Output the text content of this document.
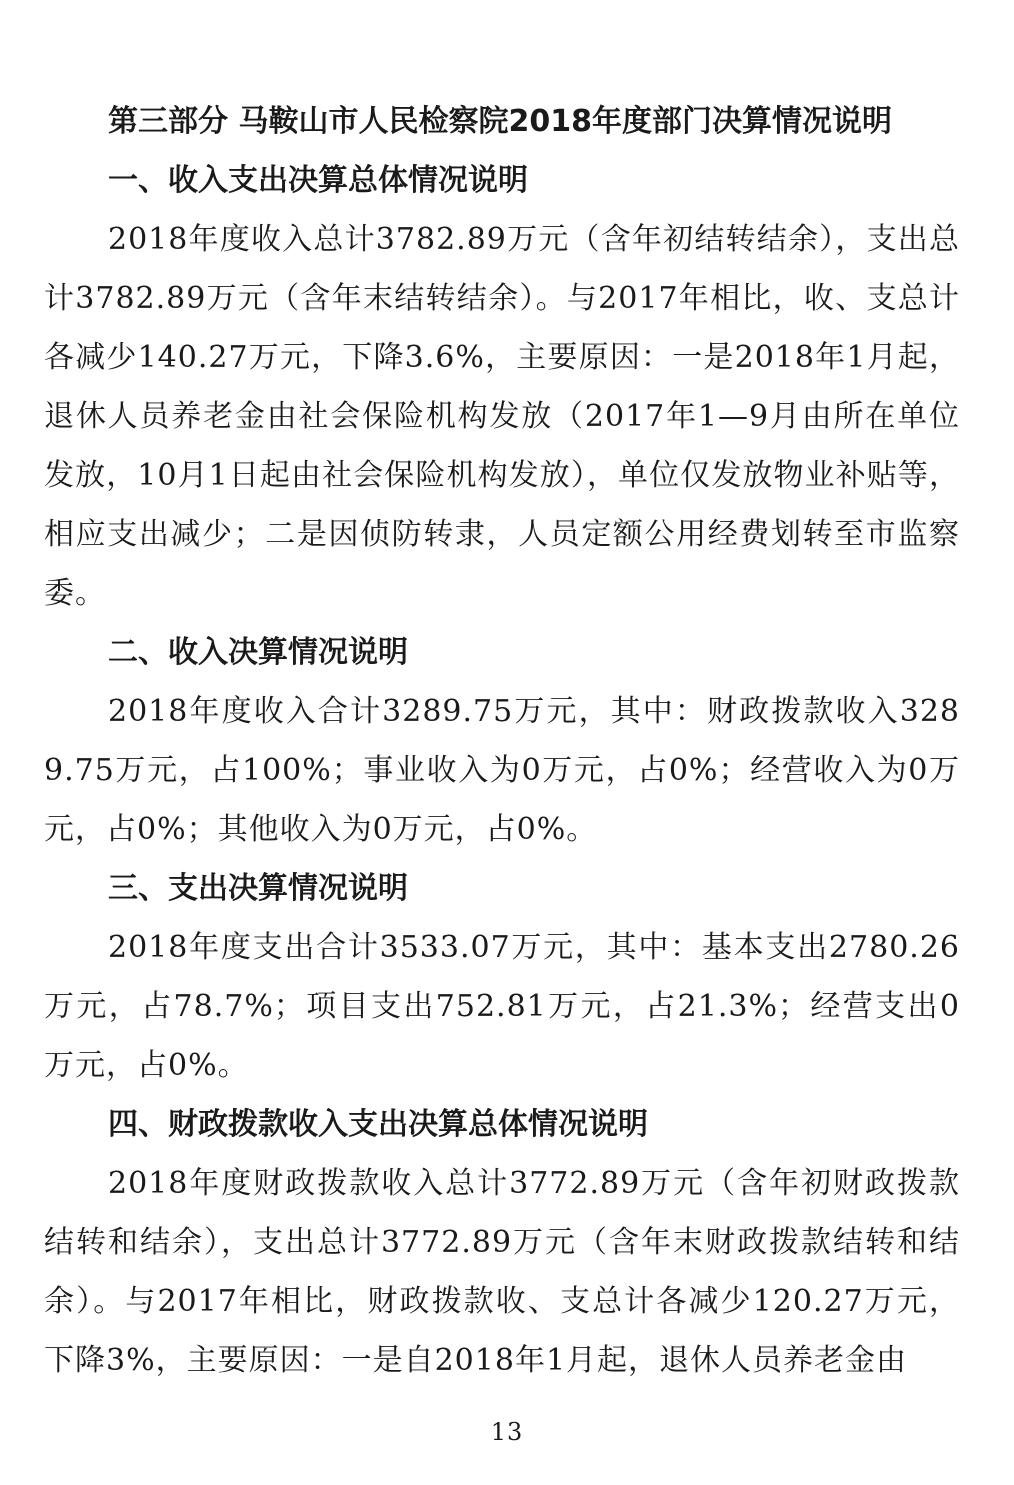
第三部分 马鞍山市人民检察院2018年度部门决算情况说明
一、收入支出决算总体情况说明

2018年度收入总计3782.89万元（含年初结转结余），支出总计3782.89万元（含年末结转结余）。与2017年相比，收、支总计各减少140.27万元，下降3.6%，主要原因：一是2018年1月起，退休人员养老金由社会保险机构发放（2017年1—9月由所在单位发放，10月1日起由社会保险机构发放），单位仅发放物业补贴等，相应支出减少；二是因侦防转隶，人员定额公用经费划转至市监察委。

二、收入决算情况说明

2018年度收入合计3289.75万元，其中：财政拨款收入3289.75万元，占100%；事业收入为0万元，占0%；经营收入为0万元，占0%；其他收入为0万元，占0%。

三、支出决算情况说明

2018年度支出合计3533.07万元，其中：基本支出2780.26万元，占78.7%；项目支出752.81万元，占21.3%；经营支出0万元，占0%。

四、财政拨款收入支出决算总体情况说明

2018年度财政拨款收入总计3772.89万元（含年初财政拨款结转和结余），支出总计3772.89万元（含年末财政拨款结转和结余）。与2017年相比，财政拨款收、支总计各减少120.27万元，下降3%，主要原因：一是自2018年1月起，退休人员养老金由

13
